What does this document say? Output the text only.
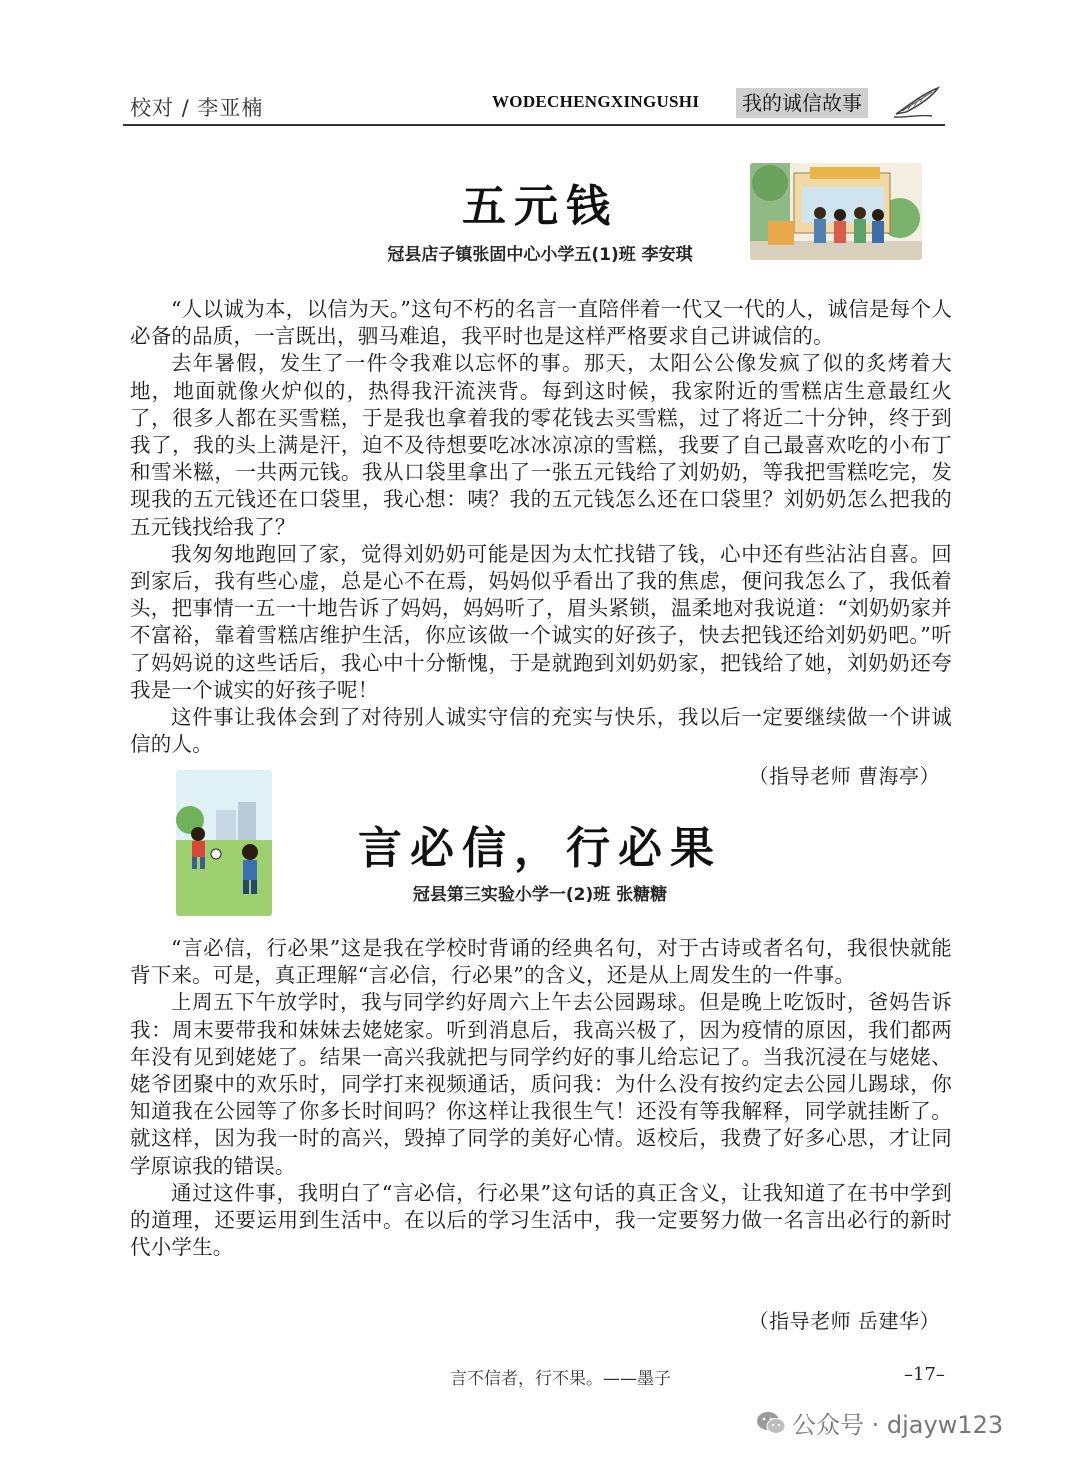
校对 / 李亚楠	WODECHENGXINGUSHI	我的诚信故事
五元钱
冠县店子镇张固中心小学五(1)班 李安琪

“人以诚为本，以信为天。”这句不朽的名言一直陪伴着一代又一代的人，诚信是每个人必备的品质，一言既出，驷马难追，我平时也是这样严格要求自己讲诚信的。

去年暑假，发生了一件令我难以忘怀的事。那天，太阳公公像发疯了似的炙烤着大地，地面就像火炉似的，热得我汗流浃背。每到这时候，我家附近的雪糕店生意最红火了，很多人都在买雪糕，于是我也拿着我的零花钱去买雪糕，过了将近二十分钟，终于到我了，我的头上满是汗，迫不及待想要吃冰冰凉凉的雪糕，我要了自己最喜欢吃的小布丁和雪米糍，一共两元钱。我从口袋里拿出了一张五元钱给了刘奶奶，等我把雪糕吃完，发现我的五元钱还在口袋里，我心想：咦？我的五元钱怎么还在口袋里？刘奶奶怎么把我的五元钱找给我了？

我匆匆地跑回了家，觉得刘奶奶可能是因为太忙找错了钱，心中还有些沾沾自喜。回到家后，我有些心虚，总是心不在焉，妈妈似乎看出了我的焦虑，便问我怎么了，我低着头，把事情一五一十地告诉了妈妈，妈妈听了，眉头紧锁，温柔地对我说道：“刘奶奶家并不富裕，靠着雪糕店维护生活，你应该做一个诚实的好孩子，快去把钱还给刘奶奶吧。”听了妈妈说的这些话后，我心中十分惭愧，于是就跑到刘奶奶家，把钱给了她，刘奶奶还夸我是一个诚实的好孩子呢！

这件事让我体会到了对待别人诚实守信的充实与快乐，我以后一定要继续做一个讲诚信的人。

（指导老师 曹海亭）
言必信，行必果
冠县第三实验小学一(2)班 张糖糖

“言必信，行必果”这是我在学校时背诵的经典名句，对于古诗或者名句，我很快就能背下来。可是，真正理解“言必信，行必果”的含义，还是从上周发生的一件事。

上周五下午放学时，我与同学约好周六上午去公园踢球。但是晚上吃饭时，爸妈告诉我：周末要带我和妹妹去姥姥家。听到消息后，我高兴极了，因为疫情的原因，我们都两年没有见到姥姥了。结果一高兴我就把与同学约好的事儿给忘记了。当我沉浸在与姥姥、姥爷团聚中的欢乐时，同学打来视频通话，质问我：为什么没有按约定去公园儿踢球，你知道我在公园等了你多长时间吗？你这样让我很生气！还没有等我解释，同学就挂断了。就这样，因为我一时的高兴，毁掉了同学的美好心情。返校后，我费了好多心思，才让同学原谅我的错误。

通过这件事，我明白了“言必信，行必果”这句话的真正含义，让我知道了在书中学到的道理，还要运用到生活中。在以后的学习生活中，我一定要努力做一名言出必行的新时代小学生。

（指导老师 岳建华）
言不信者，行不果。——墨子	–17–
公众号 · djayw123
